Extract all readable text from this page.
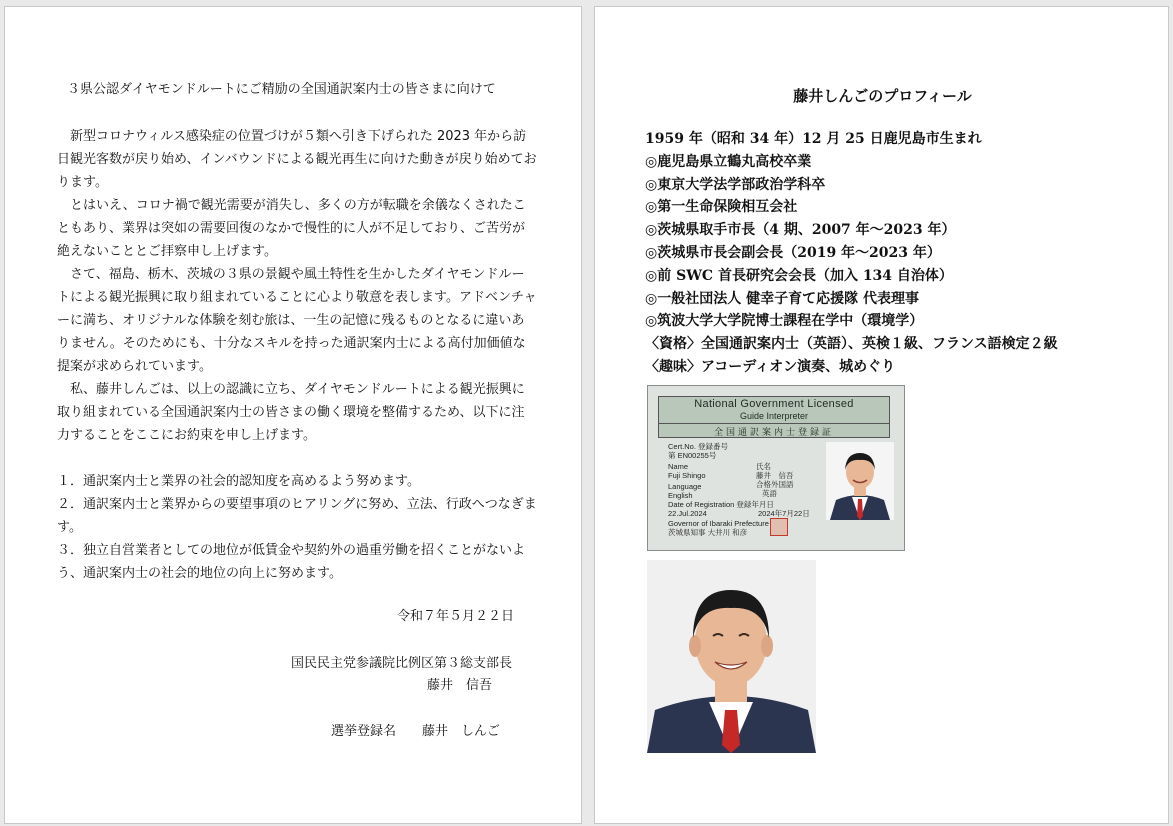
３県公認ダイヤモンドルートにご精励の全国通訳案内士の皆さまに向けて

新型コロナウィルス感染症の位置づけが５類へ引き下げられた 2023 年から訪日観光客数が戻り始め、インバウンドによる観光再生に向けた動きが戻り始めております。

とはいえ、コロナ禍で観光需要が消失し、多くの方が転職を余儀なくされたこともあり、業界は突如の需要回復のなかで慢性的に人が不足しており、ご苦労が絶えないこととご拝察申し上げます。

さて、福島、栃木、茨城の３県の景観や風土特性を生かしたダイヤモンドルートによる観光振興に取り組まれていることに心より敬意を表します。アドベンチャーに満ち、オリジナルな体験を刻む旅は、一生の記憶に残るものとなるに違いありません。そのためにも、十分なスキルを持った通訳案内士による高付加価値な提案が求められています。

私、藤井しんごは、以上の認識に立ち、ダイヤモンドルートによる観光振興に取り組まれている全国通訳案内士の皆さまの働く環境を整備するため、以下に注力することをここにお約束を申し上げます。

１．通訳案内士と業界の社会的認知度を高めるよう努めます。

２．通訳案内士と業界からの要望事項のヒアリングに努め、立法、行政へつなぎます。

３．独立自営業者としての地位が低賃金や契約外の過重労働を招くことがないよう、通訳案内士の社会的地位の向上に努めます。

令和７年５月２２日
国民民主党参議院比例区第３総支部長
藤井　信吾
選挙登録名　　藤井　しんご
藤井しんごのプロフィール
1959 年（昭和 34 年）12 月 25 日鹿児島市生まれ
◎鹿児島県立鶴丸高校卒業
◎東京大学法学部政治学科卒
◎第一生命保険相互会社
◎茨城県取手市長（4 期、2007 年～2023 年）
◎茨城県市長会副会長（2019 年～2023 年）
◎前 SWC 首長研究会会長（加入 134 自治体）
◎一般社団法人 健幸子育て応援隊 代表理事
◎筑波大学大学院博士課程在学中（環境学）
〈資格〉全国通訳案内士（英語）、英検１級、フランス語検定２級
〈趣味〉アコーディオン演奏、城めぐり
National Government Licensed
Guide Interpreter
全国通訳案内士登録証
Cert.No. 登録番号
第 EN00255号
Name	氏名
Fuji Shingo	藤井　信吾
Language	合格外国語
English	英語
Date of Registration 登録年月日
22.Jul.2024	2024年7月22日
Governor of Ibaraki Prefecture
茨城県知事 大井川 和彦
